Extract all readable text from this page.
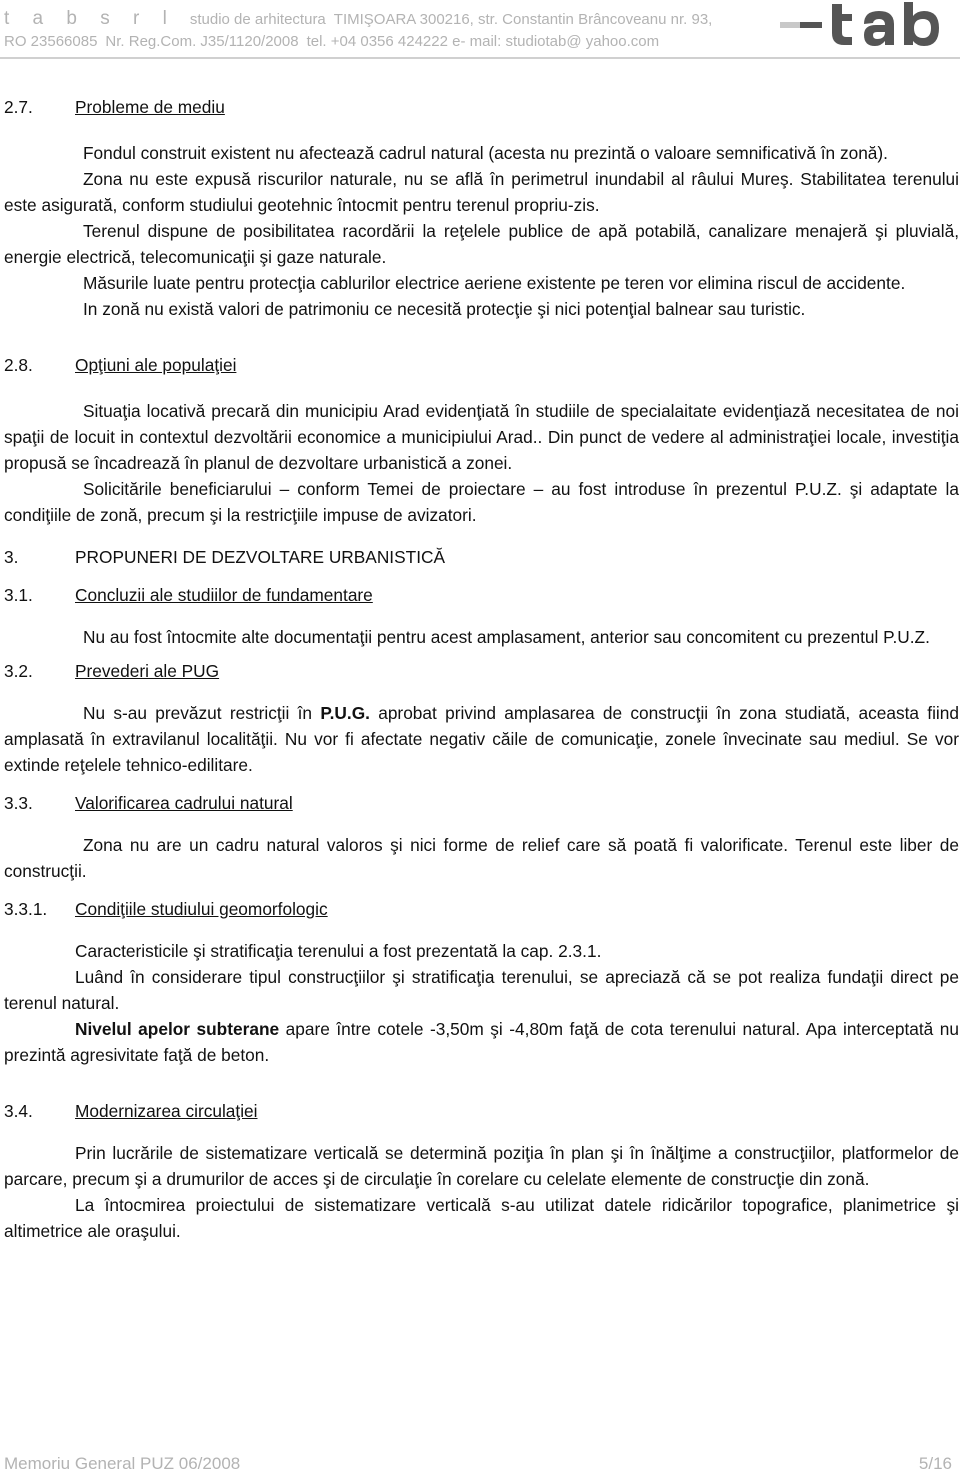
t a b s r l studio de arhitectura TIMIŞOARA 300216, str. Constantin Brâncoveanu nr. 93,
RO 23566085 Nr. Reg.Com. J35/1120/2008 tel. +04 0356 424222 e- mail: studiotab@ yahoo.com
2.7.	Probleme de mediu

Fondul construit existent nu afectează cadrul natural (acesta nu prezintă o valoare semnificativă în zonă).

Zona nu este expusă riscurilor naturale, nu se află în perimetrul inundabil al râului Mureş. Stabilitatea terenului este asigurată, conform studiului geotehnic întocmit pentru terenul propriu-zis.

Terenul dispune de posibilitatea racordării la reţelele publice de apă potabilă, canalizare menajeră şi pluvială, energie electrică, telecomunicaţii şi gaze naturale.

Măsurile luate pentru protecţia cablurilor electrice aeriene existente pe teren vor elimina riscul de accidente.

In zonă nu există valori de patrimoniu ce necesită protecţie şi nici potenţial balnear sau turistic.

2.8.	Opţiuni ale populaţiei

Situaţia locativă precară din municipiu Arad evidenţiată în studiile de specialaitate evidenţiază necesitatea de noi spaţii de locuit in contextul dezvoltării economice a municipiului Arad.. Din punct de vedere al administraţiei locale, investiţia propusă se încadrează în planul de dezvoltare urbanistică a zonei.

Solicitările beneficiarului – conform Temei de proiectare – au fost introduse în prezentul P.U.Z. şi adaptate la condiţiile de zonă, precum şi la restricţiile impuse de avizatori.

3.	PROPUNERI DE DEZVOLTARE URBANISTICĂ
3.1.	Concluzii ale studiilor de fundamentare

Nu au fost întocmite alte documentaţii pentru acest amplasament, anterior sau concomitent cu prezentul P.U.Z.

3.2.	Prevederi ale PUG

Nu s-au prevăzut restricţii în P.U.G. aprobat privind amplasarea de construcţii în zona studiată, aceasta fiind amplasată în extravilanul localităţii. Nu vor fi afectate negativ căile de comunicaţie, zonele învecinate sau mediul. Se vor extinde reţelele tehnico-edilitare.

3.3.	Valorificarea cadrului natural

Zona nu are un cadru natural valoros şi nici forme de relief care să poată fi valorificate. Terenul este liber de construcţii.

3.3.1.	Condiţiile studiului geomorfologic

Caracteristicile şi stratificaţia terenului a fost prezentată la cap. 2.3.1.

Luând în considerare tipul construcţiilor şi stratificaţia terenului, se apreciază că se pot realiza fundaţii direct pe terenul natural.

Nivelul apelor subterane apare între cotele -3,50m şi -4,80m faţă de cota terenului natural. Apa interceptată nu prezintă agresivitate faţă de beton.

3.4.	Modernizarea circulaţiei

Prin lucrările de sistematizare verticală se determină poziţia în plan şi în înălţime a construcţiilor, platformelor de parcare, precum şi a drumurilor de acces şi de circulaţie în corelare cu celelate elemente de construcţie din zonă.

La întocmirea proiectului de sistematizare verticală s-au utilizat datele ridicărilor topografice, planimetrice şi altimetrice ale oraşului.

Memoriu General PUZ 06/2008	5/16
